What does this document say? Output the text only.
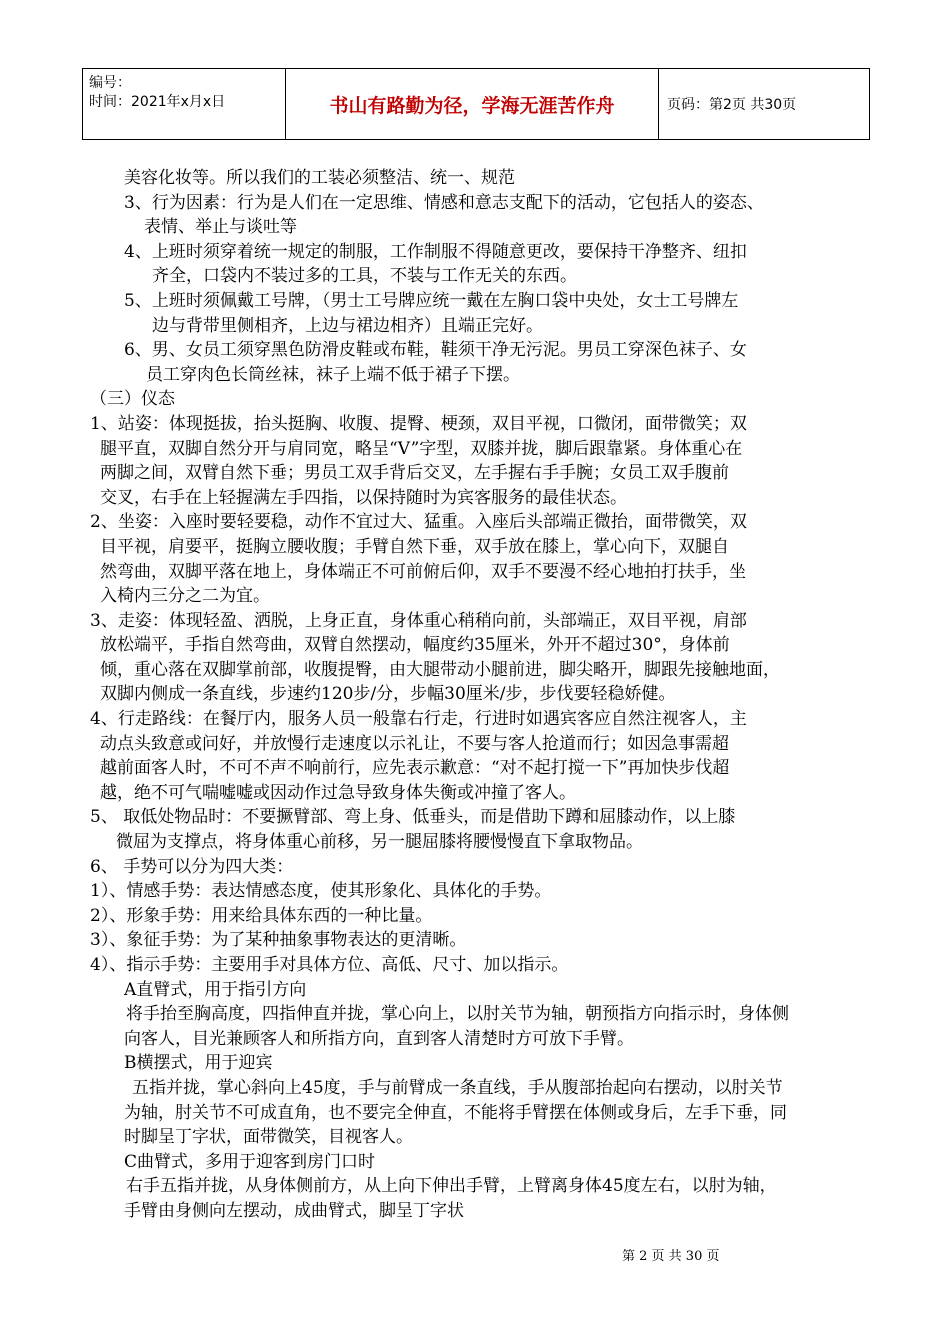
编号：
时间：2021年x月x日	书山有路勤为径，学海无涯苦作舟	页码：第2页 共30页
美容化妆等。所以我们的工装必须整洁、统一、规范
3、行为因素：行为是人们在一定思维、情感和意志支配下的活动，它包括人的姿态、
表情、举止与谈吐等
4、上班时须穿着统一规定的制服，工作制服不得随意更改，要保持干净整齐、纽扣
齐全，口袋内不装过多的工具，不装与工作无关的东西。
5、上班时须佩戴工号牌，（男士工号牌应统一戴在左胸口袋中央处，女士工号牌左
边与背带里侧相齐，上边与裙边相齐）且端正完好。
6、男、女员工须穿黑色防滑皮鞋或布鞋，鞋须干净无污泥。男员工穿深色袜子、女
员工穿肉色长筒丝袜，袜子上端不低于裙子下摆。
（三）仪态
1、站姿：体现挺拔，抬头挺胸、收腹、提臀、梗颈，双目平视，口微闭，面带微笑；双
腿平直，双脚自然分开与肩同宽，略呈“V”字型，双膝并拢，脚后跟靠紧。身体重心在
两脚之间，双臂自然下垂；男员工双手背后交叉，左手握右手手腕；女员工双手腹前
交叉，右手在上轻握满左手四指，以保持随时为宾客服务的最佳状态。
2、坐姿：入座时要轻要稳，动作不宜过大、猛重。入座后头部端正微抬，面带微笑，双
目平视，肩要平，挺胸立腰收腹；手臂自然下垂，双手放在膝上，掌心向下，双腿自
然弯曲，双脚平落在地上，身体端正不可前俯后仰，双手不要漫不经心地拍打扶手，坐
入椅内三分之二为宜。
3、走姿：体现轻盈、洒脱，上身正直，身体重心稍稍向前，头部端正，双目平视，肩部
放松端平，手指自然弯曲，双臂自然摆动，幅度约35厘米，外开不超过30°，身体前
倾，重心落在双脚掌前部，收腹提臀，由大腿带动小腿前进，脚尖略开，脚跟先接触地面，
双脚内侧成一条直线，步速约120步/分，步幅30厘米/步，步伐要轻稳娇健。
4、行走路线：在餐厅内，服务人员一般靠右行走，行进时如遇宾客应自然注视客人，主
动点头致意或问好，并放慢行走速度以示礼让，不要与客人抢道而行；如因急事需超
越前面客人时，不可不声不响前行，应先表示歉意：“对不起打搅一下”再加快步伐超
越，绝不可气喘嘘嘘或因动作过急导致身体失衡或冲撞了客人。
5、 取低处物品时：不要撅臂部、弯上身、低垂头，而是借助下蹲和屈膝动作，以上膝
微屈为支撑点，将身体重心前移，另一腿屈膝将腰慢慢直下拿取物品。
6、 手势可以分为四大类：
1）、情感手势：表达情感态度，使其形象化、具体化的手势。
2）、形象手势：用来给具体东西的一种比量。
3）、象征手势：为了某种抽象事物表达的更清晰。
4）、指示手势：主要用手对具体方位、高低、尺寸、加以指示。
A直臂式，用于指引方向
将手抬至胸高度，四指伸直并拢，掌心向上，以肘关节为轴，朝预指方向指示时，身体侧
向客人，目光兼顾客人和所指方向，直到客人清楚时方可放下手臂。
B横摆式，用于迎宾
五指并拢，掌心斜向上45度，手与前臂成一条直线，手从腹部抬起向右摆动，以肘关节
为轴，肘关节不可成直角，也不要完全伸直，不能将手臂摆在体侧或身后，左手下垂，同
时脚呈丁字状，面带微笑，目视客人。
C曲臂式，多用于迎客到房门口时
右手五指并拢，从身体侧前方，从上向下伸出手臂，上臂离身体45度左右，以肘为轴，
手臂由身侧向左摆动，成曲臂式，脚呈丁字状
第 2 页 共 30 页
